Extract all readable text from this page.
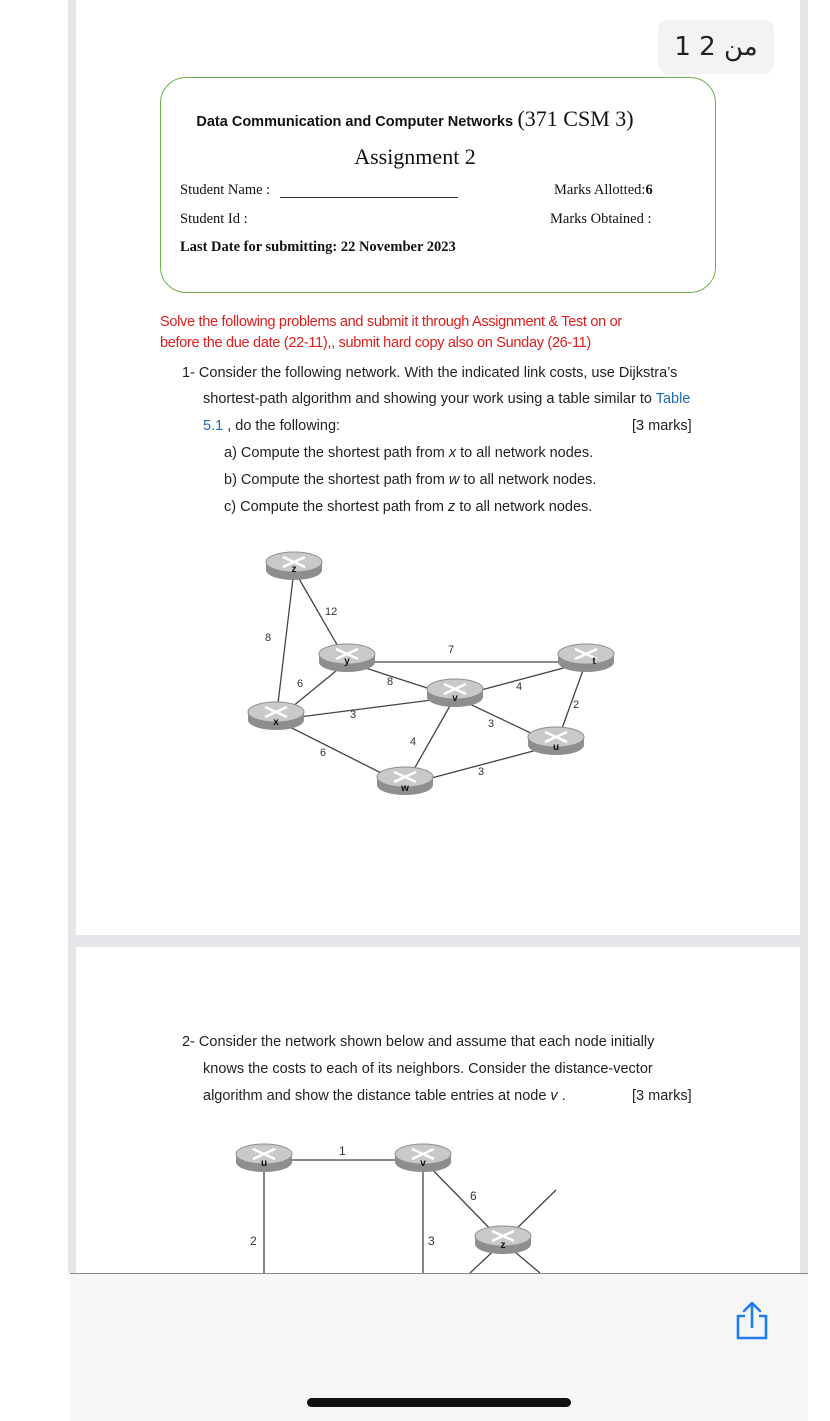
1 من 2
Data Communication and Computer Networks (371 CSM 3)
Assignment 2
Student Name :	Marks Allotted:6
Student Id :	Marks Obtained :
Last Date for submitting: 22 November 2023
Solve the following problems and submit it through Assignment & Test on or
before the due date (22-11),, submit hard copy also on Sunday (26-11)
1- Consider the following network. With the indicated link costs, use Dijkstra’s
shortest-path algorithm and showing your work using a table similar to Table
5.1 , do the following:	[3 marks]
a) Compute the shortest path from x to all network nodes.
b) Compute the shortest path from w to all network nodes.
c) Compute the shortest path from z to all network nodes.
8
12
6
7
8
3
6
4
4
3
2
3
z
y
x
v
t
u
w
1
2	3
6
u	v
z
2- Consider the network shown below and assume that each node initially
knows the costs to each of its neighbors. Consider the distance-vector
algorithm and show the distance table entries at node v .	[3 marks]
